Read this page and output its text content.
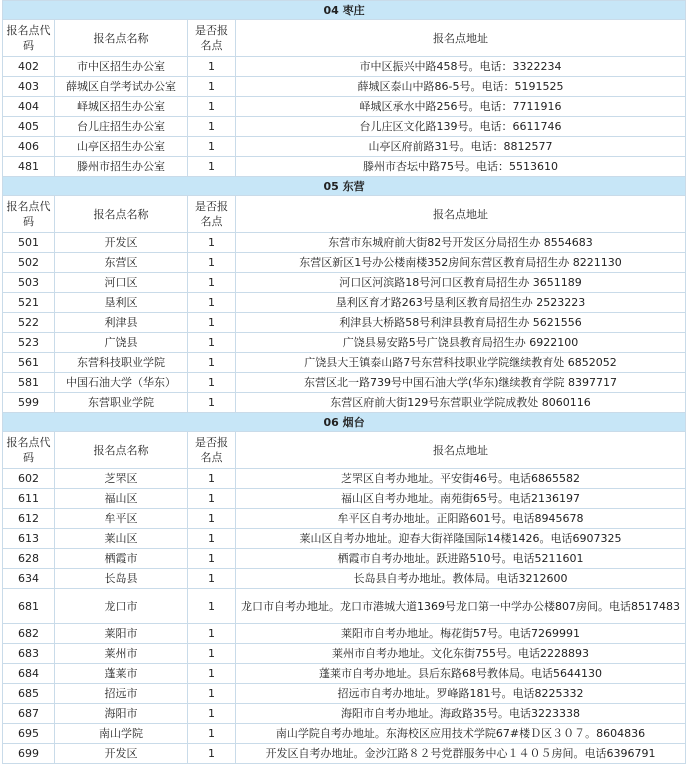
04 枣庄			
报名点代码	报名点名称	是否报名点	报名点地址
402	市中区招生办公室	1	市中区振兴中路458号。电话：3322234
403	薛城区自学考试办公室	1	薛城区泰山中路86-5号。电话：5191525
404	峄城区招生办公室	1	峄城区承水中路256号。电话：7711916
405	台儿庄招生办公室	1	台儿庄区文化路139号。电话：6611746
406	山亭区招生办公室	1	山亭区府前路31号。电话：8812577
481	滕州市招生办公室	1	滕州市杏坛中路75号。电话：5513610
05 东营			
报名点代码	报名点名称	是否报名点	报名点地址
501	开发区	1	东营市东城府前大街82号开发区分局招生办 8554683
502	东营区	1	东营区新区1号办公楼南楼352房间东营区教育局招生办 8221130
503	河口区	1	河口区河滨路18号河口区教育局招生办 3651189
521	垦利区	1	垦利区育才路263号垦利区教育局招生办 2523223
522	利津县	1	利津县大桥路58号利津县教育局招生办 5621556
523	广饶县	1	广饶县易安路5号广饶县教育局招生办 6922100
561	东营科技职业学院	1	广饶县大王镇泰山路7号东营科技职业学院继续教育处 6852052
581	中国石油大学（华东）	1	东营区北一路739号中国石油大学(华东)继续教育学院 8397717
599	东营职业学院	1	东营区府前大街129号东营职业学院成教处 8060116
06 烟台			
报名点代码	报名点名称	是否报名点	报名点地址
602	芝罘区	1	芝罘区自考办地址。平安街46号。电话6865582
611	福山区	1	福山区自考办地址。南苑街65号。电话2136197
612	牟平区	1	牟平区自考办地址。正阳路601号。电话8945678
613	莱山区	1	莱山区自考办地址。迎春大街祥隆国际14楼1426。电话6907325
628	栖霞市	1	栖霞市自考办地址。跃进路510号。电话5211601
634	长岛县	1	长岛县自考办地址。教体局。电话3212600
681	龙口市	1	龙口市自考办地址。龙口市港城大道1369号龙口第一中学办公楼807房间。电话8517483
682	莱阳市	1	莱阳市自考办地址。梅花街57号。电话7269991
683	莱州市	1	莱州市自考办地址。文化东街755号。电话2228893
684	蓬莱市	1	蓬莱市自考办地址。县后东路68号教体局。电话5644130
685	招远市	1	招远市自考办地址。罗峰路181号。电话8225332
687	海阳市	1	海阳市自考办地址。海政路35号。电话3223338
695	南山学院	1	南山学院自考办地址。东海校区应用技术学院67#楼Ｄ区３０７。8604836
699	开发区	1	开发区自考办地址。金沙江路８２号党群服务中心１４０５房间。电话6396791
